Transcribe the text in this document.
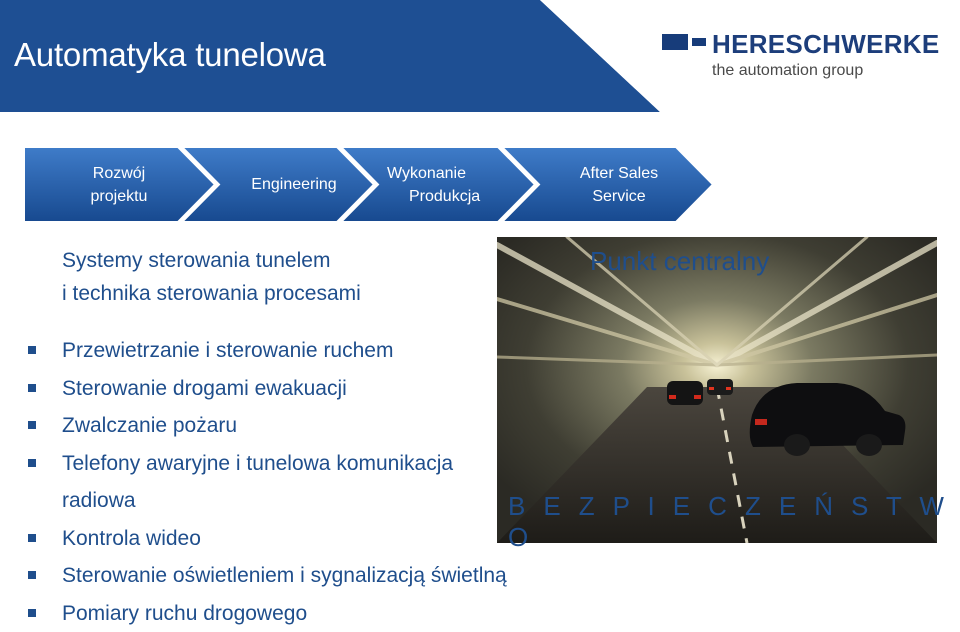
Automatyka tunelowa	HERESCHWERKE
the automation group
Rozwój
projektu
Engineering
Wykonanie
Produkcja
After Sales
Service
Systemy sterowania tunelem
i technika sterowania procesami
Punkt centralny
B E Z P I E C Z E Ń S T W O
Przewietrzanie i sterowanie ruchem
Sterowanie drogami ewakuacji
Zwalczanie pożaru
Telefony awaryjne i tunelowa komunikacja radiowa
Kontrola wideo
Sterowanie oświetleniem i sygnalizacją świetlną
Pomiary ruchu drogowego
